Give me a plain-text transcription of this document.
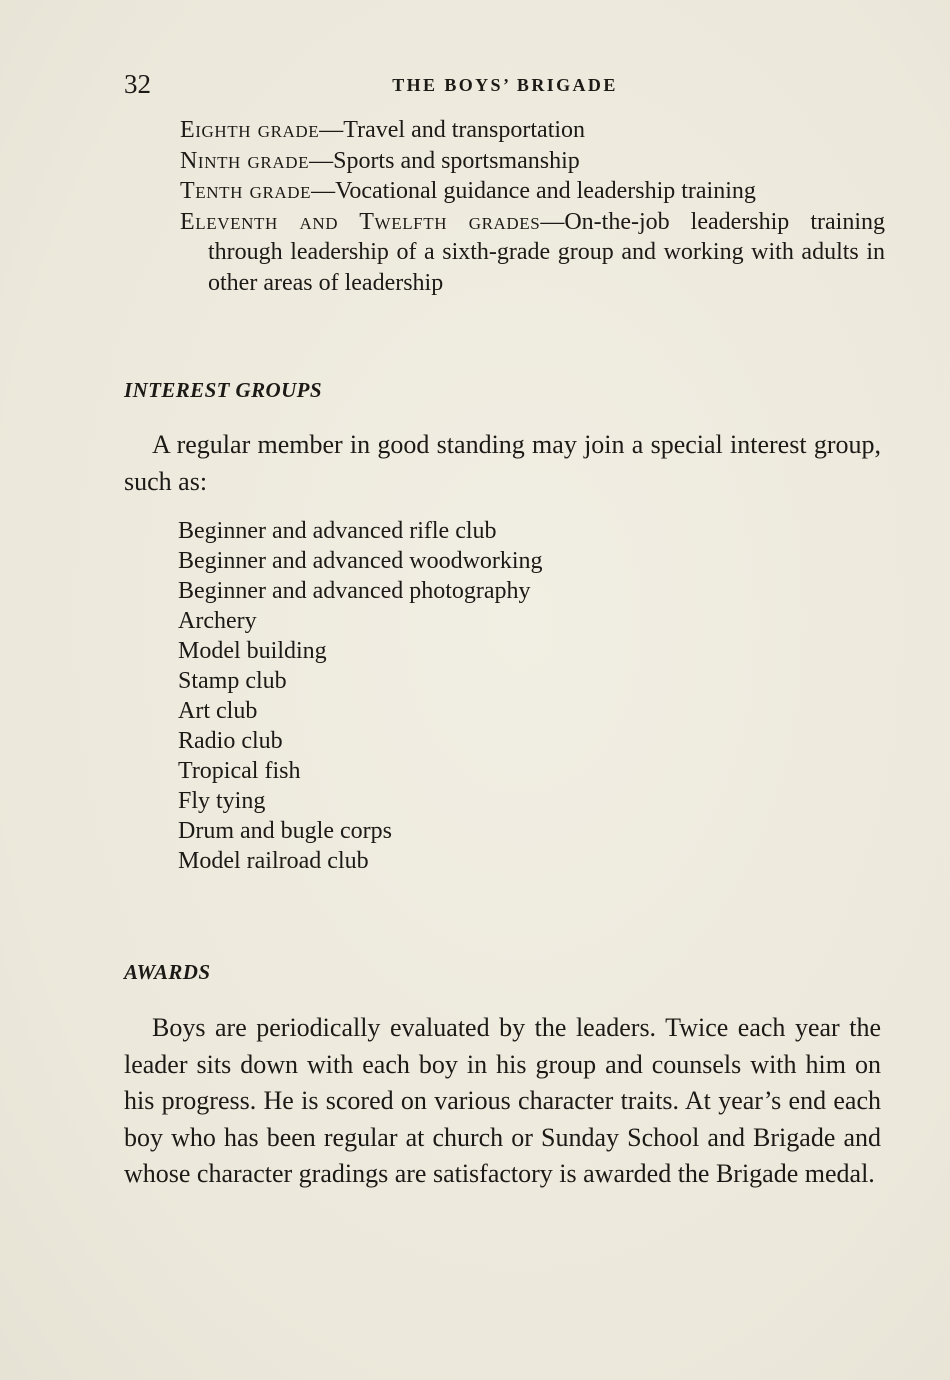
32	THE BOYS’ BRIGADE
Eighth grade—Travel and transportation
Ninth grade—Sports and sportsmanship
Tenth grade—Vocational guidance and leadership training
Eleventh and Twelfth grades—On-the-job leadership training through leadership of a sixth-grade group and working with adults in other areas of leadership
INTEREST GROUPS
A regular member in good standing may join a special interest group, such as:
Beginner and advanced rifle club
Beginner and advanced woodworking
Beginner and advanced photography
Archery
Model building
Stamp club
Art club
Radio club
Tropical fish
Fly tying
Drum and bugle corps
Model railroad club
AWARDS
Boys are periodically evaluated by the leaders. Twice each year the leader sits down with each boy in his group and counsels with him on his progress. He is scored on various character traits. At year’s end each boy who has been regular at church or Sunday School and Brigade and whose character gradings are satisfactory is awarded the Brigade medal.
